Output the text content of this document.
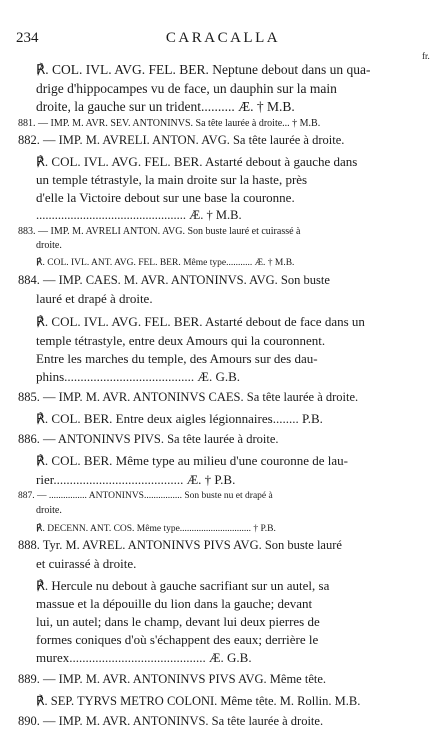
234	CARACALLA
fr.
℟. COL. IVL. AVG. FEL. BER. Neptune debout dans un qua-
drige d'hippocampes vu de face, un dauphin sur la main
droite, la gauche sur un trident.......... Æ. † M.B.
881. — IMP. M. AVR. SEV. ANTONINVS. Sa tête laurée à droite... † M.B.
882. — IMP. M. AVRELI. ANTON. AVG. Sa tête laurée à droite.
℟. COL. IVL. AVG. FEL. BER. Astarté debout à gauche dans
un temple tétrastyle, la main droite sur la haste, près
d'elle la Victoire debout sur une base la couronne.
................................................ Æ. † M.B.
883. — IMP. M. AVRELI ANTON. AVG. Son buste lauré et cuirassé à
droite.
℟. COL. IVL. ANT. AVG. FEL. BER. Même type........... Æ. † M.B.
884. — IMP. CAES. M. AVR. ANTONINVS. AVG. Son buste
lauré et drapé à droite.
℟. COL. IVL. AVG. FEL. BER. Astarté debout de face dans un
temple tétrastyle, entre deux Amours qui la couronnent.
Entre les marches du temple, des Amours sur des dau-
phins........................................ Æ. G.B.
885. — IMP. M. AVR. ANTONINVS CAES. Sa tête laurée à droite.
℟. COL. BER. Entre deux aigles légionnaires........ P.B.
886. — ANTONINVS PIVS. Sa tête laurée à droite.
℟. COL. BER. Même type au milieu d'une couronne de lau-
rier........................................ Æ. † P.B.
887. — ................ ANTONINVS................ Son buste nu et drapé à
droite.
℟. DECENN. ANT. COS. Même type.............................. † P.B.
888. Tyr. M. AVREL. ANTONINVS PIVS AVG. Son buste lauré
et cuirassé à droite.
℟. Hercule nu debout à gauche sacrifiant sur un autel, sa
massue et la dépouille du lion dans la gauche; devant
lui, un autel; dans le champ, devant lui deux pierres de
formes coniques d'où s'échappent des eaux; derrière le
murex.......................................... Æ. G.B.
889. — IMP. M. AVR. ANTONINVS PIVS AVG. Même tête.
℟. SEP. TYRVS METRO COLONI. Même tête. M. Rollin. M.B.
890. — IMP. M. AVR. ANTONINVS. Sa tête laurée à droite.
